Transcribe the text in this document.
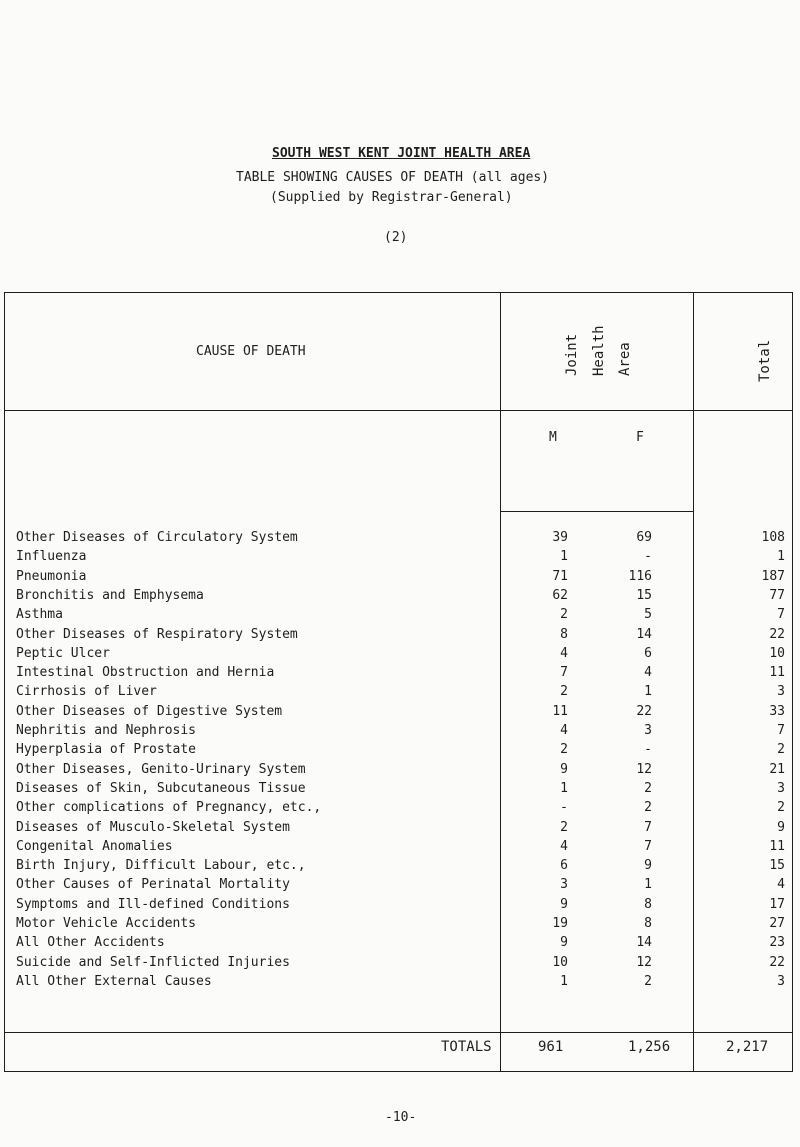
SOUTH WEST KENT JOINT HEALTH AREA
TABLE SHOWING CAUSES OF DEATH (all ages)
(Supplied by Registrar-General)
(2)
CAUSE OF DEATH	Joint Health Area	Total
M	F
Other Diseases of Circulatory System	39	69	108
Influenza	1	-	1
Pneumonia	71	116	187
Bronchitis and Emphysema	62	15	77
Asthma	2	5	7
Other Diseases of Respiratory System	8	14	22
Peptic Ulcer	4	6	10
Intestinal Obstruction and Hernia	7	4	11
Cirrhosis of Liver	2	1	3
Other Diseases of Digestive System	11	22	33
Nephritis and Nephrosis	4	3	7
Hyperplasia of Prostate	2	-	2
Other Diseases, Genito-Urinary System	9	12	21
Diseases of Skin, Subcutaneous Tissue	1	2	3
Other complications of Pregnancy, etc.,	-	2	2
Diseases of Musculo-Skeletal System	2	7	9
Congenital Anomalies	4	7	11
Birth Injury, Difficult Labour, etc.,	6	9	15
Other Causes of Perinatal Mortality	3	1	4
Symptoms and Ill-defined Conditions	9	8	17
Motor Vehicle Accidents	19	8	27
All Other Accidents	9	14	23
Suicide and Self-Inflicted Injuries	10	12	22
All Other External Causes	1	2	3
TOTALS	961	1,256	2,217
-10-
